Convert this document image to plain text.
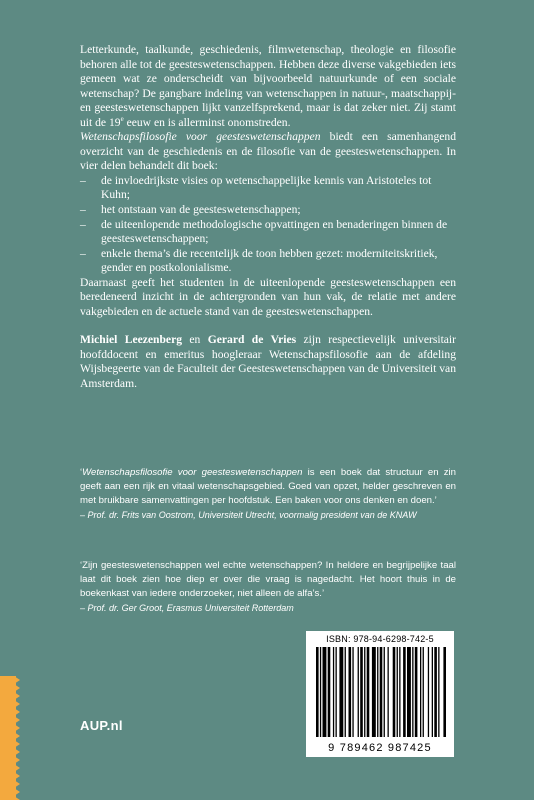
Letterkunde, taalkunde, geschiedenis, filmwetenschap, theologie en filosofie behoren alle tot de geesteswetenschappen. Hebben deze diverse vakgebieden iets gemeen wat ze onderscheidt van bijvoorbeeld natuurkunde of een sociale wetenschap? De gangbare indeling van wetenschappen in natuur-, maatschappij- en geesteswetenschappen lijkt vanzelfsprekend, maar is dat zeker niet. Zij stamt uit de 19e eeuw en is allerminst onomstreden.

Wetenschapsfilosofie voor geesteswetenschappen biedt een samenhangend overzicht van de geschiedenis en de filosofie van de geesteswetenschappen. In vier delen behandelt dit boek:

– de invloedrijkste visies op wetenschappelijke kennis van Aristoteles tot Kuhn;
– het ontstaan van de geesteswetenschappen;
– de uiteenlopende methodologische opvattingen en benaderingen binnen de geesteswetenschappen;
– enkele thema’s die recentelijk de toon hebben gezet: moderniteitskritiek, gender en postkolonialisme.

Daarnaast geeft het studenten in de uiteenlopende geesteswetenschappen een beredeneerd inzicht in de achtergronden van hun vak, de relatie met andere vakgebieden en de actuele stand van de geesteswetenschappen.

Michiel Leezenberg en Gerard de Vries zijn respectievelijk universitair hoofddocent en emeritus hoogleraar Wetenschapsfilosofie aan de afdeling Wijsbegeerte van de Faculteit der Geesteswetenschappen van de Universiteit van Amsterdam.

‘Wetenschapsfilosofie voor geesteswetenschappen is een boek dat structuur en zin geeft aan een rijk en vitaal wetenschapsgebied. Goed van opzet, helder geschreven en met bruikbare samenvattingen per hoofdstuk. Een baken voor ons denken en doen.’

– Prof. dr. Frits van Oostrom, Universiteit Utrecht, voormalig president van de KNAW

‘Zijn geesteswetenschappen wel echte wetenschappen? In heldere en begrijpelijke taal laat dit boek zien hoe diep er over die vraag is nagedacht. Het hoort thuis in de boekenkast van iedere onderzoeker, niet alleen de alfa’s.’

– Prof. dr. Ger Groot, Erasmus Universiteit Rotterdam

ISBN: 978-94-6298-742-5
9 789462 987425
AUP.nl
